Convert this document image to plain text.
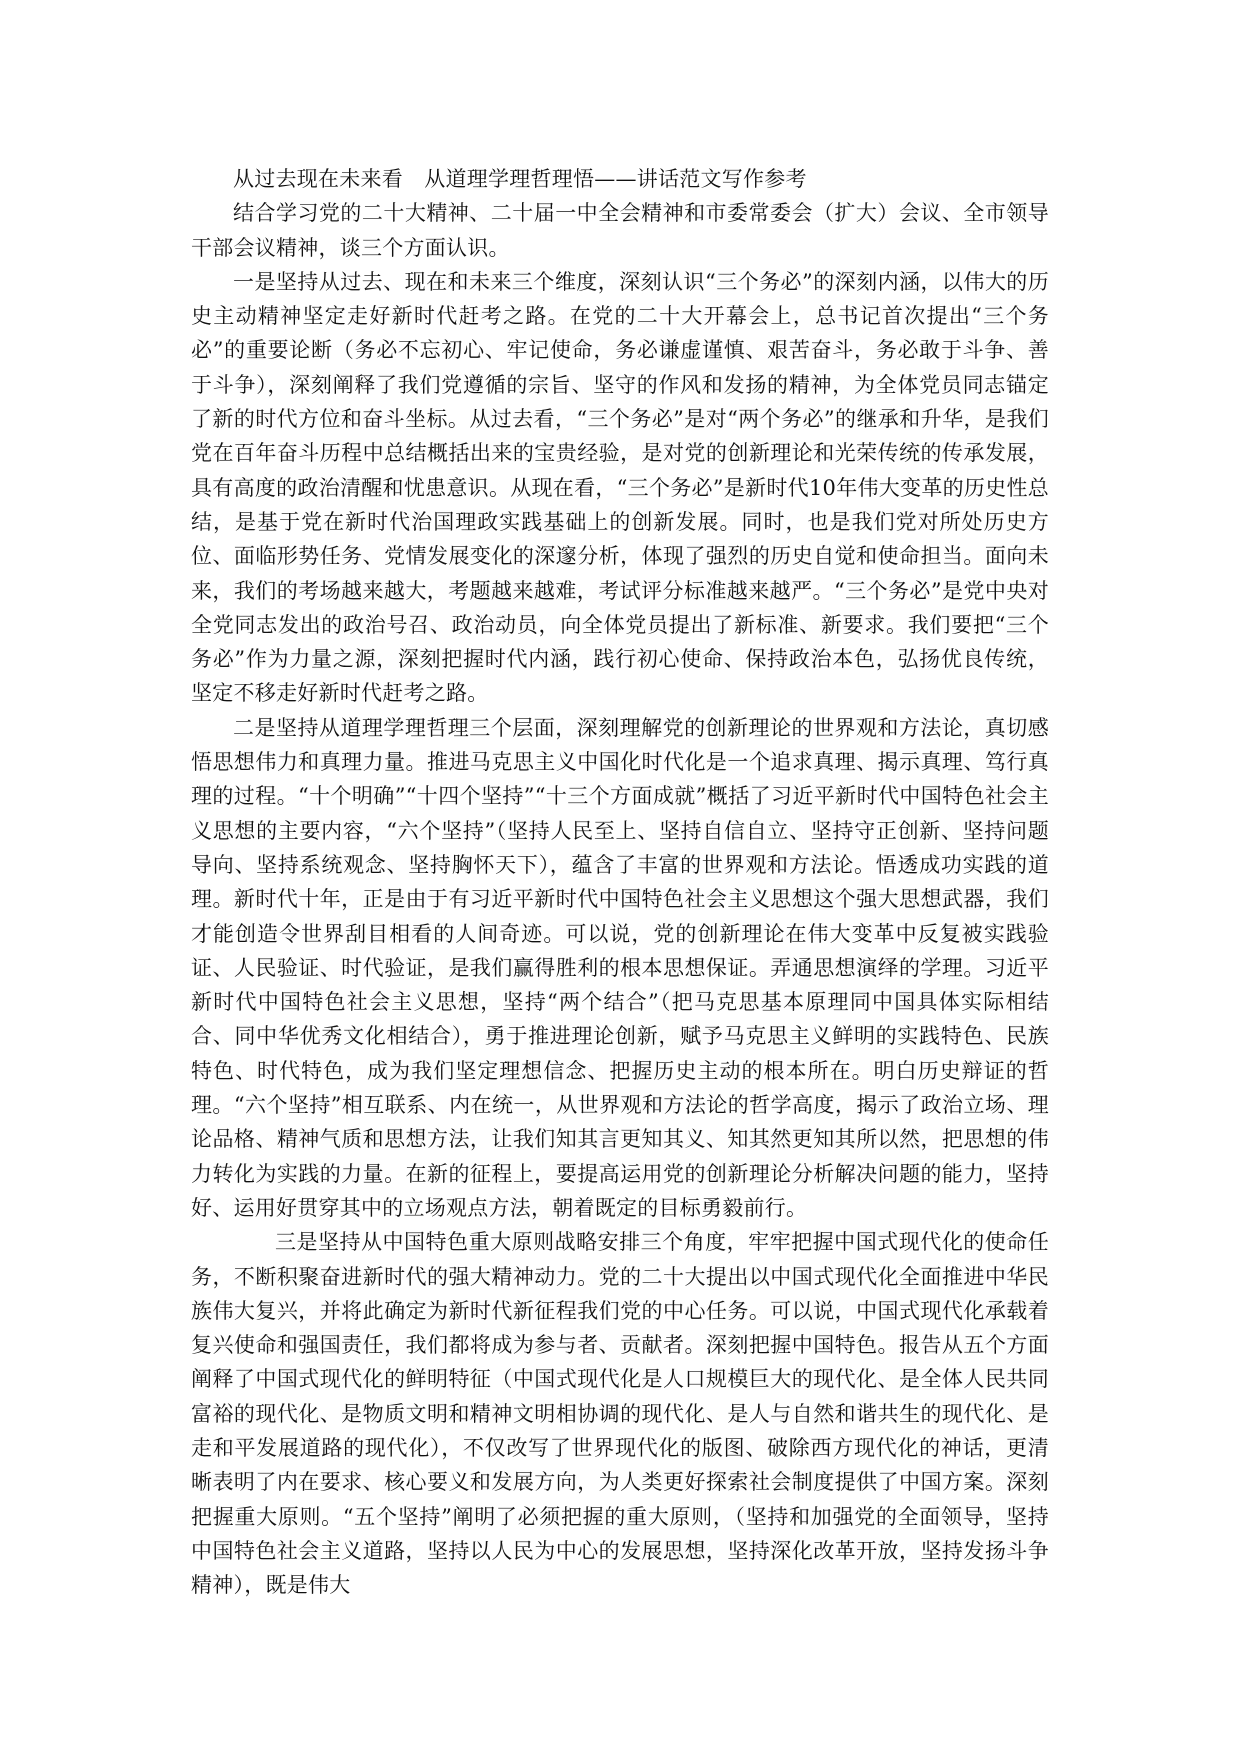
从过去现在未来看　从道理学理哲理悟——讲话范文写作参考

结合学习党的二十大精神、二十届一中全会精神和市委常委会（扩大）会议、全市领导干部会议精神，谈三个方面认识。

一是坚持从过去、现在和未来三个维度，深刻认识“三个务必”的深刻内涵，以伟大的历史主动精神坚定走好新时代赶考之路。在党的二十大开幕会上，总书记首次提出“三个务必”的重要论断（务必不忘初心、牢记使命，务必谦虚谨慎、艰苦奋斗，务必敢于斗争、善于斗争），深刻阐释了我们党遵循的宗旨、坚守的作风和发扬的精神，为全体党员同志锚定了新的时代方位和奋斗坐标。从过去看，“三个务必”是对“两个务必”的继承和升华，是我们党在百年奋斗历程中总结概括出来的宝贵经验，是对党的创新理论和光荣传统的传承发展，具有高度的政治清醒和忧患意识。从现在看，“三个务必”是新时代10年伟大变革的历史性总结，是基于党在新时代治国理政实践基础上的创新发展。同时，也是我们党对所处历史方位、面临形势任务、党情发展变化的深邃分析，体现了强烈的历史自觉和使命担当。面向未来，我们的考场越来越大，考题越来越难，考试评分标准越来越严。“三个务必”是党中央对全党同志发出的政治号召、政治动员，向全体党员提出了新标准、新要求。我们要把“三个务必”作为力量之源，深刻把握时代内涵，践行初心使命、保持政治本色，弘扬优良传统，坚定不移走好新时代赶考之路。

二是坚持从道理学理哲理三个层面，深刻理解党的创新理论的世界观和方法论，真切感悟思想伟力和真理力量。推进马克思主义中国化时代化是一个追求真理、揭示真理、笃行真理的过程。“十个明确”“十四个坚持”“十三个方面成就”概括了习近平新时代中国特色社会主义思想的主要内容，“六个坚持”（坚持人民至上、坚持自信自立、坚持守正创新、坚持问题导向、坚持系统观念、坚持胸怀天下），蕴含了丰富的世界观和方法论。悟透成功实践的道理。新时代十年，正是由于有习近平新时代中国特色社会主义思想这个强大思想武器，我们才能创造令世界刮目相看的人间奇迹。可以说，党的创新理论在伟大变革中反复被实践验证、人民验证、时代验证，是我们赢得胜利的根本思想保证。弄通思想演绎的学理。习近平新时代中国特色社会主义思想，坚持“两个结合”（把马克思基本原理同中国具体实际相结合、同中华优秀文化相结合），勇于推进理论创新，赋予马克思主义鲜明的实践特色、民族特色、时代特色，成为我们坚定理想信念、把握历史主动的根本所在。明白历史辩证的哲理。“六个坚持”相互联系、内在统一，从世界观和方法论的哲学高度，揭示了政治立场、理论品格、精神气质和思想方法，让我们知其言更知其义、知其然更知其所以然，把思想的伟力转化为实践的力量。在新的征程上，要提高运用党的创新理论分析解决问题的能力，坚持好、运用好贯穿其中的立场观点方法，朝着既定的目标勇毅前行。

三是坚持从中国特色重大原则战略安排三个角度，牢牢把握中国式现代化的使命任务，不断积聚奋进新时代的强大精神动力。党的二十大提出以中国式现代化全面推进中华民族伟大复兴，并将此确定为新时代新征程我们党的中心任务。可以说，中国式现代化承载着复兴使命和强国责任，我们都将成为参与者、贡献者。深刻把握中国特色。报告从五个方面阐释了中国式现代化的鲜明特征（中国式现代化是人口规模巨大的现代化、是全体人民共同富裕的现代化、是物质文明和精神文明相协调的现代化、是人与自然和谐共生的现代化、是走和平发展道路的现代化），不仅改写了世界现代化的版图、破除西方现代化的神话，更清晰表明了内在要求、核心要义和发展方向，为人类更好探索社会制度提供了中国方案。深刻把握重大原则。“五个坚持”阐明了必须把握的重大原则，（坚持和加强党的全面领导，坚持中国特色社会主义道路，坚持以人民为中心的发展思想，坚持深化改革开放，坚持发扬斗争精神），既是伟大
